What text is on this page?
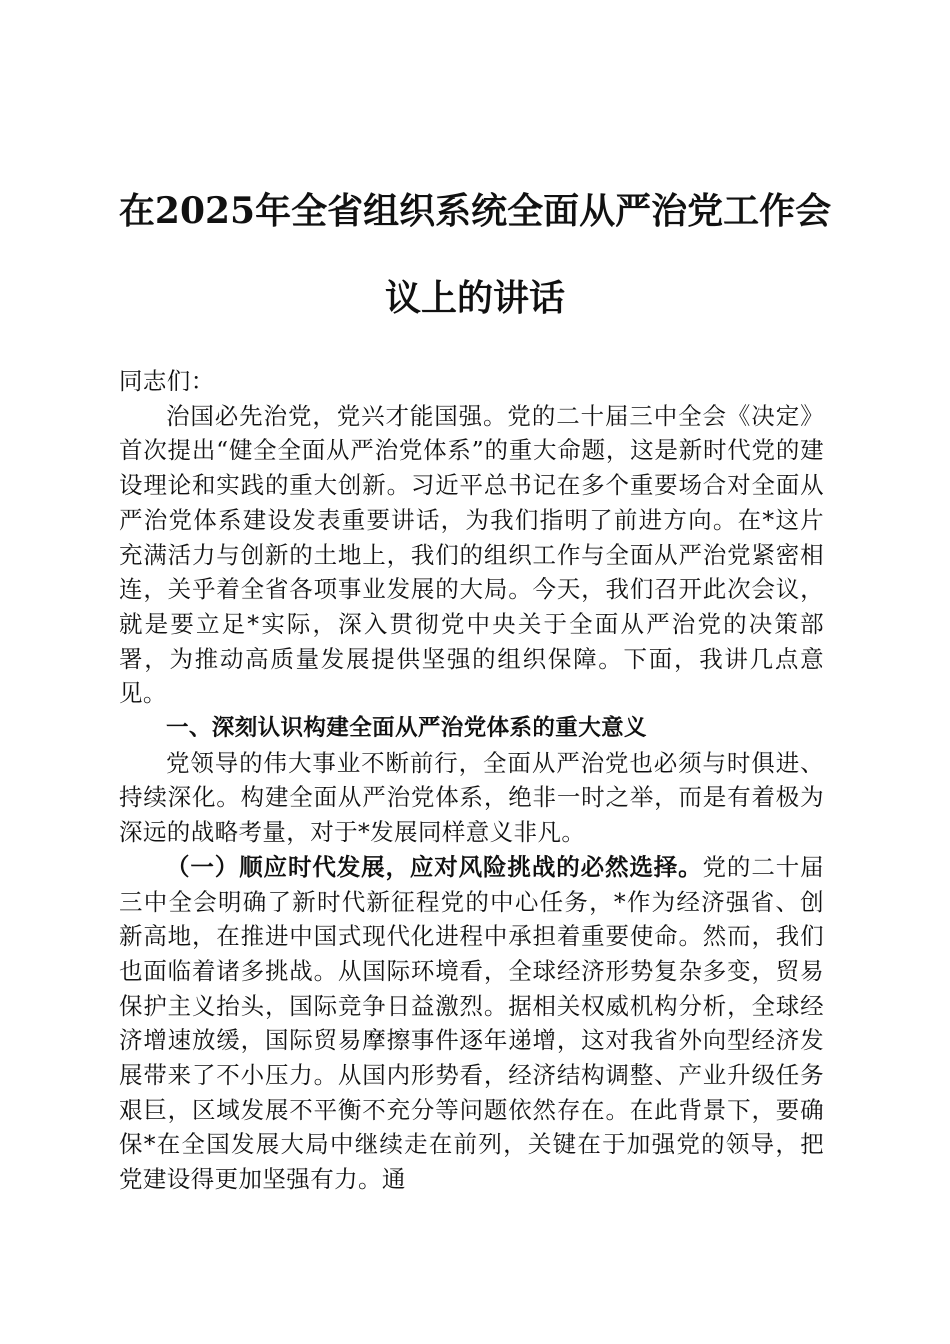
在2025年全省组织系统全面从严治党工作会
议上的讲话

同志们：

治国必先治党，党兴才能国强。党的二十届三中全会《决定》首次提出“健全全面从严治党体系”的重大命题，这是新时代党的建设理论和实践的重大创新。习近平总书记在多个重要场合对全面从严治党体系建设发表重要讲话，为我们指明了前进方向。在*这片充满活力与创新的土地上，我们的组织工作与全面从严治党紧密相连，关乎着全省各项事业发展的大局。今天，我们召开此次会议，就是要立足*实际，深入贯彻党中央关于全面从严治党的决策部署，为推动高质量发展提供坚强的组织保障。下面，我讲几点意见。

一、深刻认识构建全面从严治党体系的重大意义

党领导的伟大事业不断前行，全面从严治党也必须与时俱进、持续深化。构建全面从严治党体系，绝非一时之举，而是有着极为深远的战略考量，对于*发展同样意义非凡。

（一）顺应时代发展，应对风险挑战的必然选择。党的二十届三中全会明确了新时代新征程党的中心任务，*作为经济强省、创新高地，在推进中国式现代化进程中承担着重要使命。然而，我们也面临着诸多挑战。从国际环境看，全球经济形势复杂多变，贸易保护主义抬头，国际竞争日益激烈。据相关权威机构分析，全球经济增速放缓，国际贸易摩擦事件逐年递增，这对我省外向型经济发展带来了不小压力。从国内形势看，经济结构调整、产业升级任务艰巨，区域发展不平衡不充分等问题依然存在。在此背景下，要确保*在全国发展大局中继续走在前列，关键在于加强党的领导，把党建设得更加坚强有力。通
